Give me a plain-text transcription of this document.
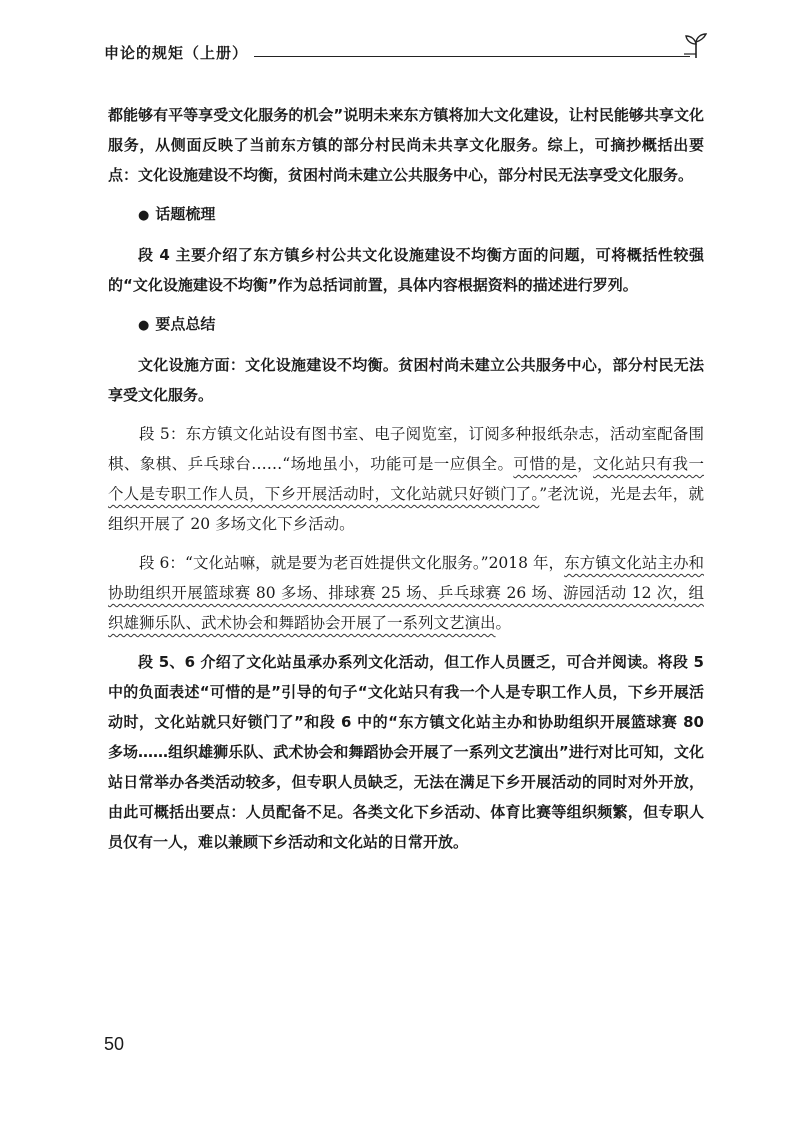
申论的规矩（上册）

都能够有平等享受文化服务的机会”说明未来东方镇将加大文化建设，让村民能够共享文化服务，从侧面反映了当前东方镇的部分村民尚未共享文化服务。综上，可摘抄概括出要点：文化设施建设不均衡，贫困村尚未建立公共服务中心，部分村民无法享受文化服务。

● 话题梳理

段 4 主要介绍了东方镇乡村公共文化设施建设不均衡方面的问题，可将概括性较强的“文化设施建设不均衡”作为总括词前置，具体内容根据资料的描述进行罗列。

● 要点总结

文化设施方面：文化设施建设不均衡。贫困村尚未建立公共服务中心，部分村民无法享受文化服务。

段 5：东方镇文化站设有图书室、电子阅览室，订阅多种报纸杂志，活动室配备围棋、象棋、乒乓球台……“场地虽小，功能可是一应俱全。可惜的是，文化站只有我一个人是专职工作人员，下乡开展活动时，文化站就只好锁门了。”老沈说，光是去年，就组织开展了 20 多场文化下乡活动。

段 6：“文化站嘛，就是要为老百姓提供文化服务。”2018 年，东方镇文化站主办和协助组织开展篮球赛 80 多场、排球赛 25 场、乒乓球赛 26 场、游园活动 12 次，组织雄狮乐队、武术协会和舞蹈协会开展了一系列文艺演出。

段 5、6 介绍了文化站虽承办系列文化活动，但工作人员匮乏，可合并阅读。将段 5 中的负面表述“可惜的是”引导的句子“文化站只有我一个人是专职工作人员，下乡开展活动时，文化站就只好锁门了”和段 6 中的“东方镇文化站主办和协助组织开展篮球赛 80 多场……组织雄狮乐队、武术协会和舞蹈协会开展了一系列文艺演出”进行对比可知，文化站日常举办各类活动较多，但专职人员缺乏，无法在满足下乡开展活动的同时对外开放，由此可概括出要点：人员配备不足。各类文化下乡活动、体育比赛等组织频繁，但专职人员仅有一人，难以兼顾下乡活动和文化站的日常开放。

50
